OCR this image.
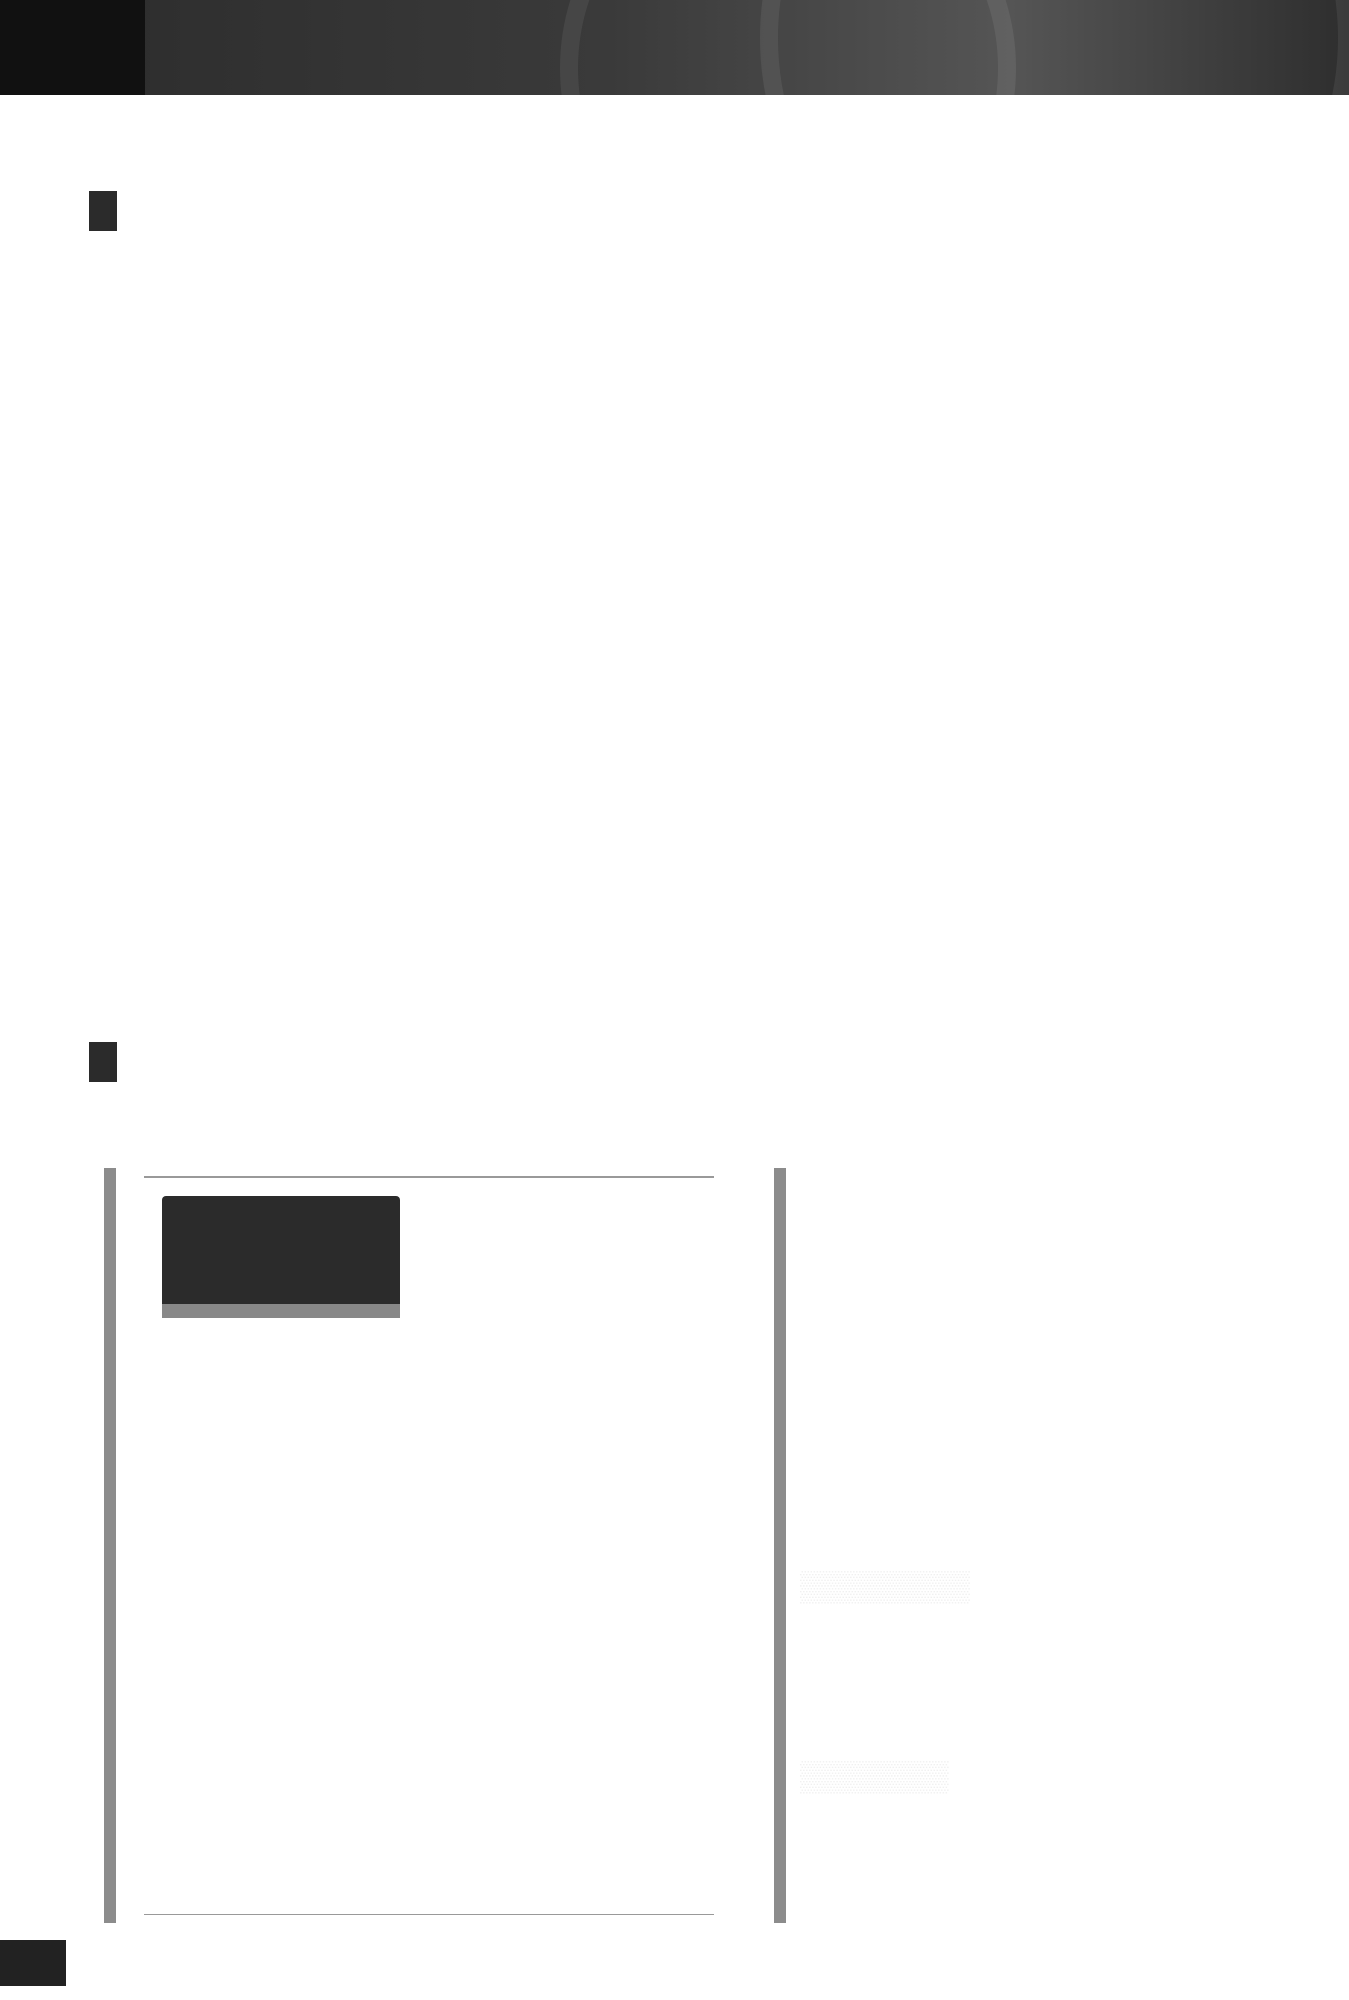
▒▒▒▒▒▒▒▒
▒▒▒▒▒▒▒
